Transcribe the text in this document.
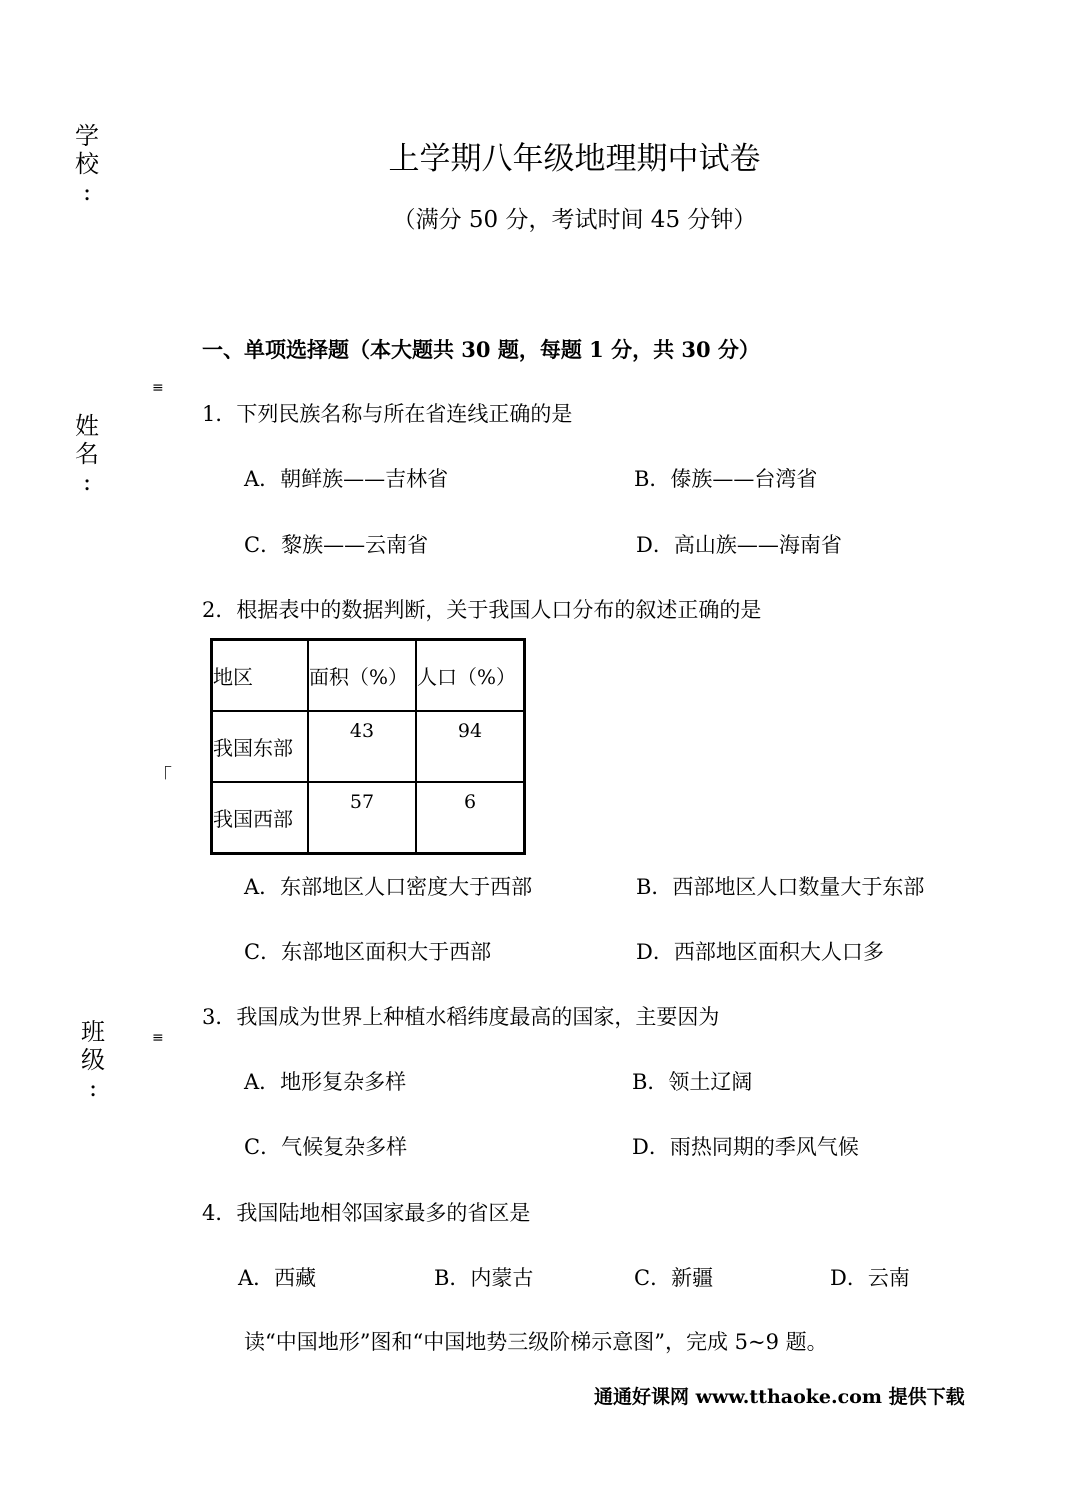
学
校
:
姓
名
:
班
级
:
≡
「
≡
上学期八年级地理期中试卷
（满分 50 分，考试时间 45 分钟）
一、单项选择题（本大题共 30 题，每题 1 分，共 30 分）
1．下列民族名称与所在省连线正确的是
A．朝鲜族——吉林省	B．傣族——台湾省
C．黎族——云南省	D．高山族——海南省
2．根据表中的数据判断，关于我国人口分布的叙述正确的是
地区	面积（%）	人口（%）
我国东部	43	94
我国西部	57	6
A．东部地区人口密度大于西部	B．西部地区人口数量大于东部
C．东部地区面积大于西部	D．西部地区面积大人口多
3．我国成为世界上种植水稻纬度最高的国家，主要因为
A．地形复杂多样	B．领土辽阔
C．气候复杂多样	D．雨热同期的季风气候
4．我国陆地相邻国家最多的省区是
A．西藏	B．内蒙古	C．新疆	D．云南
读“中国地形”图和“中国地势三级阶梯示意图”，完成 5~9 题。
通通好课网 www.tthaoke.com 提供下载
